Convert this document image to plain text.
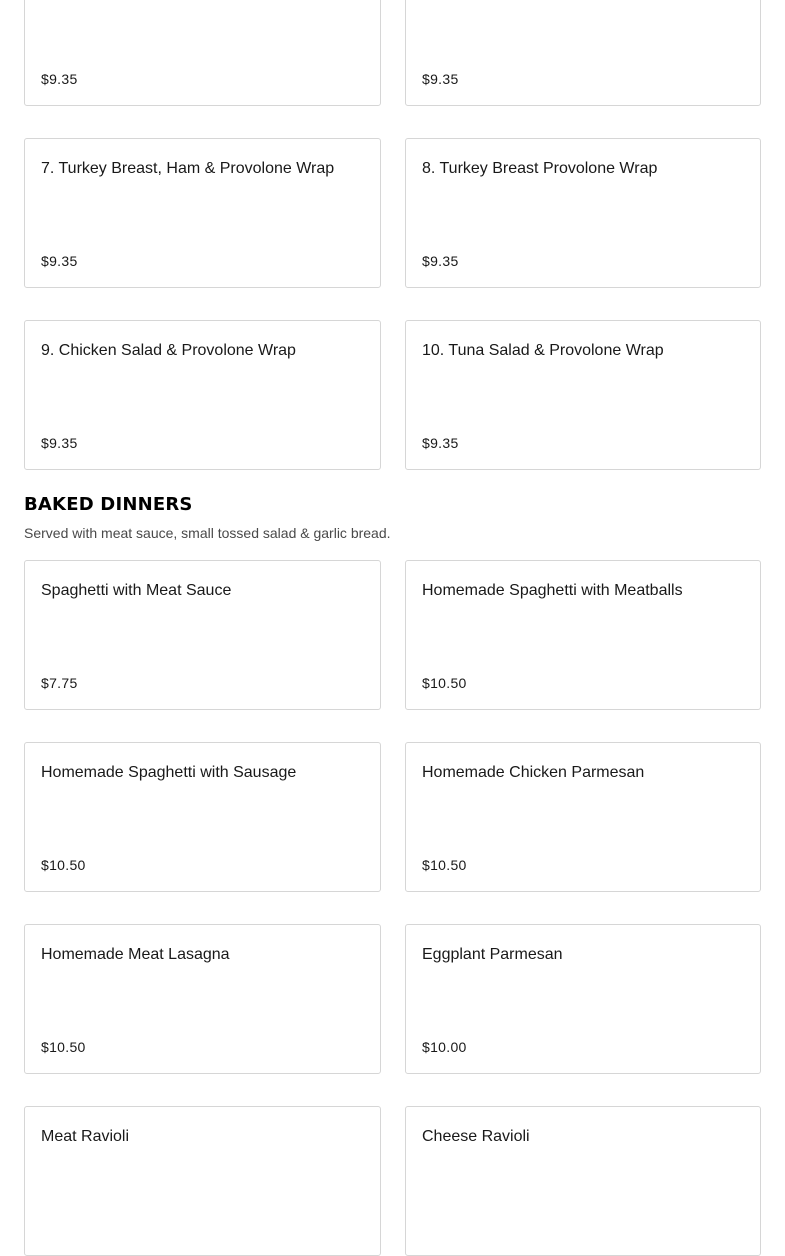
$9.35	$9.35
7. Turkey Breast, Ham & Provolone Wrap
$9.35
8. Turkey Breast Provolone Wrap
$9.35
9. Chicken Salad & Provolone Wrap
$9.35
10. Tuna Salad & Provolone Wrap
$9.35
BAKED DINNERS

Served with meat sauce, small tossed salad & garlic bread.

Spaghetti with Meat Sauce
$7.75
Homemade Spaghetti with Meatballs
$10.50
Homemade Spaghetti with Sausage
$10.50
Homemade Chicken Parmesan
$10.50
Homemade Meat Lasagna
$10.50
Eggplant Parmesan
$10.00
Meat Ravioli	Cheese Ravioli
